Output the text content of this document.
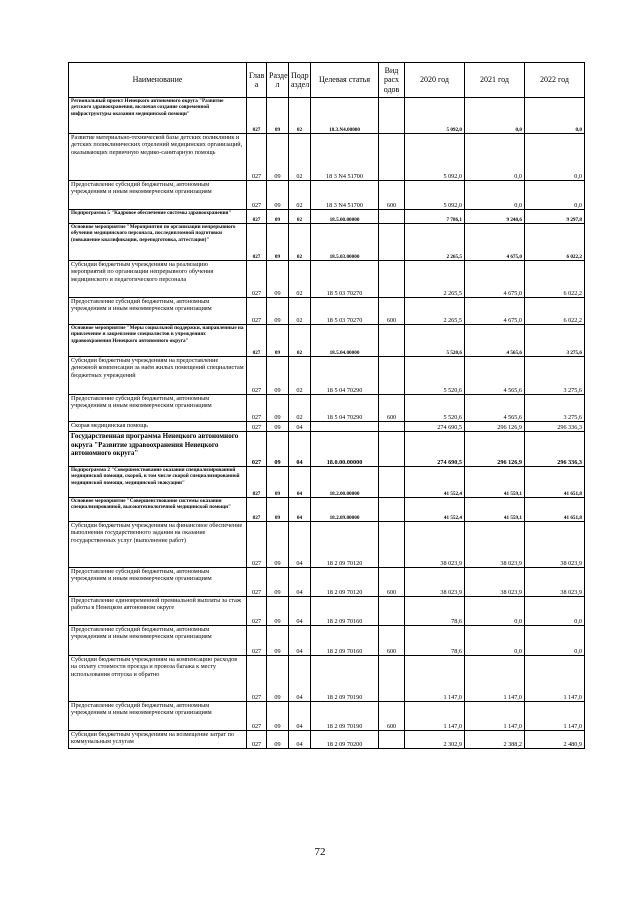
Наименование	Глав а	Разде л	Подр аздел	Целевая статья	Вид расх одов	2020 год	2021 год	2022 год
Региональный проект Ненецкого автономного округа "Развитие детского здравоохранения, включая создание современной инфраструктуры оказания медицинской помощи"	027	09	02	18.3.N4.00000		5 092,0	0,0	0,0
Развитие материально-технической базы детских поликлиник и детских поликлинических отделений медицинских организаций, оказывающих первичную медико-санитарную помощь	027	09	02	18 3 N4 51700		5 092,0	0,0	0,0
Предоставление субсидий бюджетным, автономным учреждениям и иным некоммерческим организациям	027	09	02	18 3 N4 51700	600	5 092,0	0,0	0,0
Подпрограмма 5 "Кадровое обеспечение системы здравоохранения"	027	09	02	18.5.00.00000		7 786,1	9 240,6	9 297,8
Основное мероприятие "Мероприятия по организации непрерывного обучения медицинского персонала, последипломной подготовки (повышение квалификации, переподготовка, аттестация)"	027	09	02	18.5.03.00000		2 265,5	4 675,0	6 022,2
Субсидии бюджетным учреждениям на реализацию мероприятий по организации непрерывного обучения медицинского и педагогического персонала	027	09	02	18 5 03 70270		2 265,5	4 675,0	6 022,2
Предоставление субсидий бюджетным, автономным учреждениям и иным некоммерческим организациям	027	09	02	18 5 03 70270	600	2 265,5	4 675,0	6 022,2
Основное мероприятие "Меры социальной поддержки, направленные на привлечение и закрепление специалистов в учреждениях здравоохранения Ненецкого автономного округа"	027	09	02	18.5.04.00000		5 520,6	4 565,6	3 275,6
Субсидии бюджетным учреждениям на предоставление денежной компенсации за наём жилых помещений специалистам бюджетных учреждений	027	09	02	18 5 04 70290		5 520,6	4 565,6	3 275,6
Предоставление субсидий бюджетным, автономным учреждениям и иным некоммерческим организациям	027	09	02	18 5 04 70290	600	5 520,6	4 565,6	3 275,6
Скорая медицинская помощь	027	09	04			274 690,5	296 126,9	296 336,3
Государственная программа Ненецкого автономного округа "Развитие здравоохранения Ненецкого автономного округа"	027	09	04	18.0.00.00000		274 690,5	296 126,9	296 336,3
Подпрограмма 2 "Совершенствование оказания специализированной медицинской помощи, скорой, в том числе скорой специализированной медицинской помощи, медицинской эвакуации"	027	09	04	18.2.00.00000		41 552,4	41 559,1	41 651,8
Основное мероприятие "Совершенствование системы оказания специализированной, высокотехнологичной медицинской помощи"	027	09	04	18.2.09.00000		41 552,4	41 559,1	41 651,8
Субсидии бюджетным учреждениям на финансовое обеспечение выполнения государственного задания на оказание государственных услуг (выполнение работ)	027	09	04	18 2 09 70120		38 023,9	38 023,9	38 023,9
Предоставление субсидий бюджетным, автономным учреждениям и иным некоммерческим организациям	027	09	04	18 2 09 70120	600	38 023,9	38 023,9	38 023,9
Предоставление единовременной премиальной выплаты за стаж работы в Ненецком автономном округе	027	09	04	18 2 09 70160		78,6	0,0	0,0
Предоставление субсидий бюджетным, автономным учреждениям и иным некоммерческим организациям	027	09	04	18 2 09 70160	600	78,6	0,0	0,0
Субсидии бюджетным учреждениям на компенсацию расходов на оплату стоимости проезда и провоза багажа к месту использования отпуска и обратно	027	09	04	18 2 09 70190		1 147,0	1 147,0	1 147,0
Предоставление субсидий бюджетным, автономным учреждениям и иным некоммерческим организациям	027	09	04	18 2 09 70190	600	1 147,0	1 147,0	1 147,0
Субсидии бюджетным учреждениям на возмещение затрат по коммунальным услугам	027	09	04	18 2 09 70200		2 302,9	2 388,2	2 480,9
72
